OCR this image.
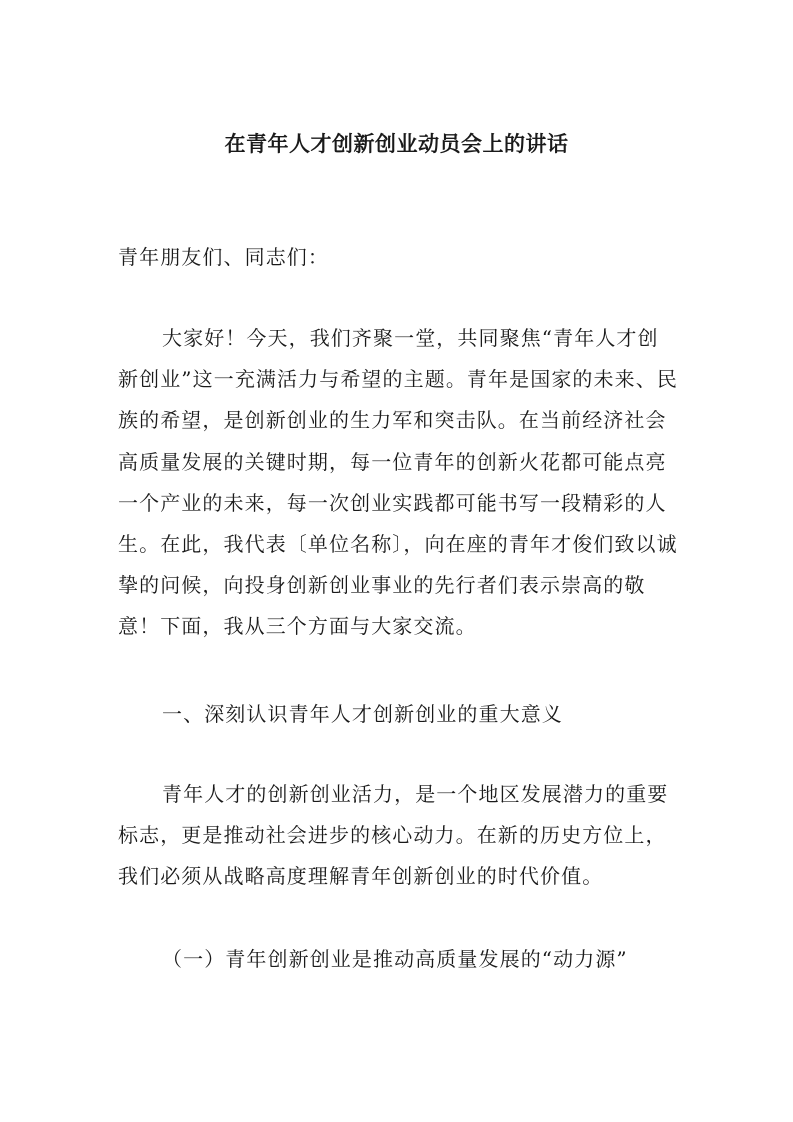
在青年人才创新创业动员会上的讲话

青年朋友们、同志们：

大家好！今天，我们齐聚一堂，共同聚焦“青年人才创新创业”这一充满活力与希望的主题。青年是国家的未来、民族的希望，是创新创业的生力军和突击队。在当前经济社会高质量发展的关键时期，每一位青年的创新火花都可能点亮一个产业的未来，每一次创业实践都可能书写一段精彩的人生。在此，我代表〔单位名称〕，向在座的青年才俊们致以诚挚的问候，向投身创新创业事业的先行者们表示崇高的敬意！下面，我从三个方面与大家交流。

一、深刻认识青年人才创新创业的重大意义

青年人才的创新创业活力，是一个地区发展潜力的重要标志，更是推动社会进步的核心动力。在新的历史方位上，我们必须从战略高度理解青年创新创业的时代价值。

（一）青年创新创业是推动高质量发展的“动力源”
